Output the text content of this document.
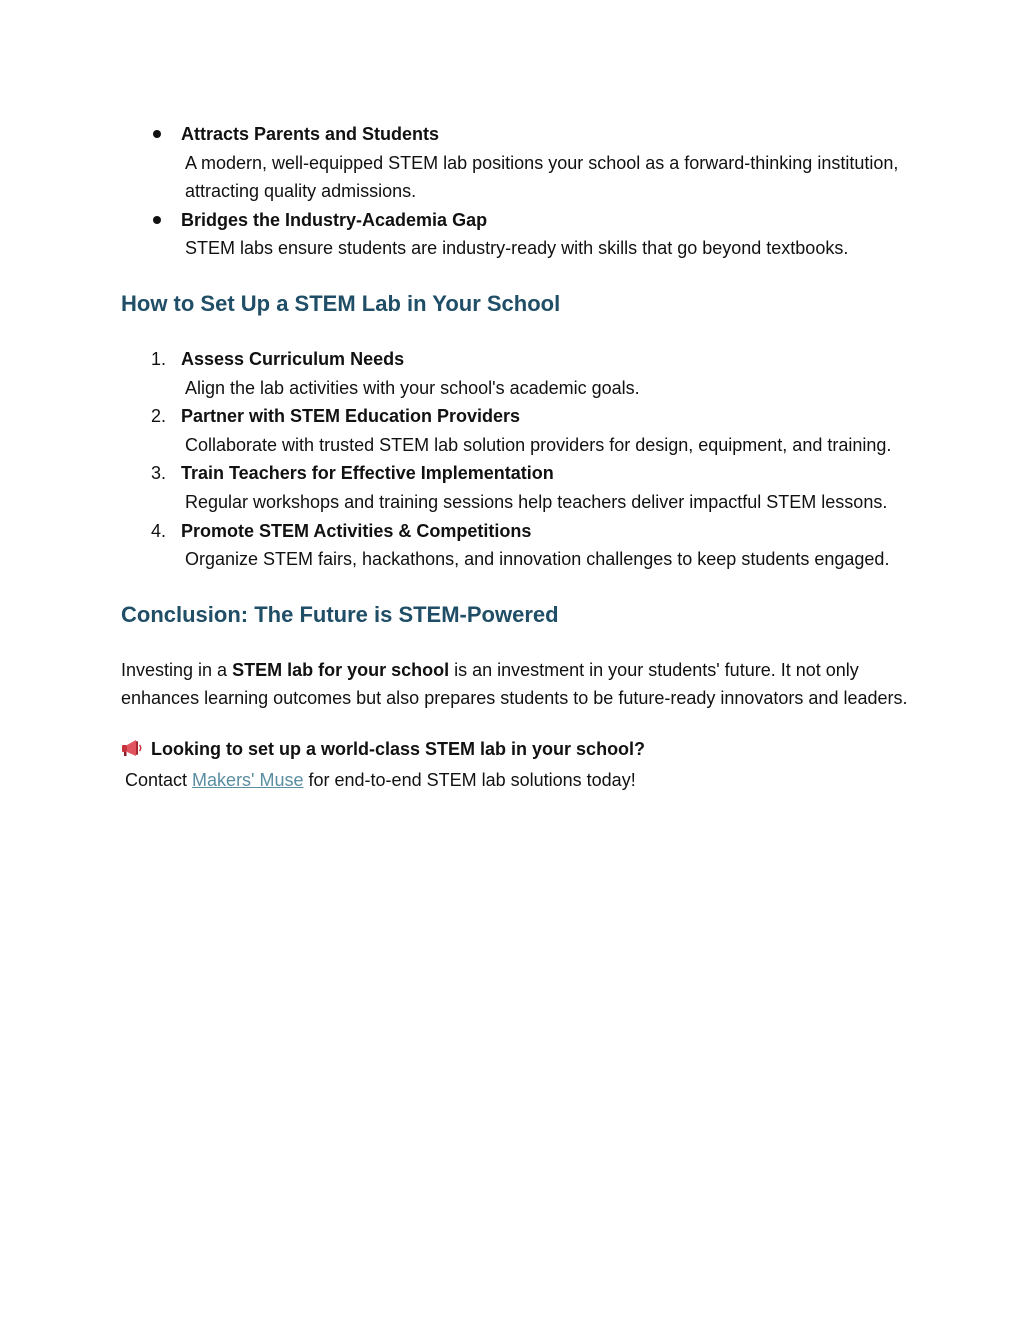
Attracts Parents and Students
A modern, well-equipped STEM lab positions your school as a forward-thinking institution, attracting quality admissions.
Bridges the Industry-Academia Gap
STEM labs ensure students are industry-ready with skills that go beyond textbooks.
How to Set Up a STEM Lab in Your School
1. Assess Curriculum Needs
Align the lab activities with your school's academic goals.
2. Partner with STEM Education Providers
Collaborate with trusted STEM lab solution providers for design, equipment, and training.
3. Train Teachers for Effective Implementation
Regular workshops and training sessions help teachers deliver impactful STEM lessons.
4. Promote STEM Activities & Competitions
Organize STEM fairs, hackathons, and innovation challenges to keep students engaged.
Conclusion: The Future is STEM-Powered

Investing in a STEM lab for your school is an investment in your students' future. It not only enhances learning outcomes but also prepares students to be future-ready innovators and leaders.

Looking to set up a world-class STEM lab in your school?
Contact Makers' Muse for end-to-end STEM lab solutions today!
